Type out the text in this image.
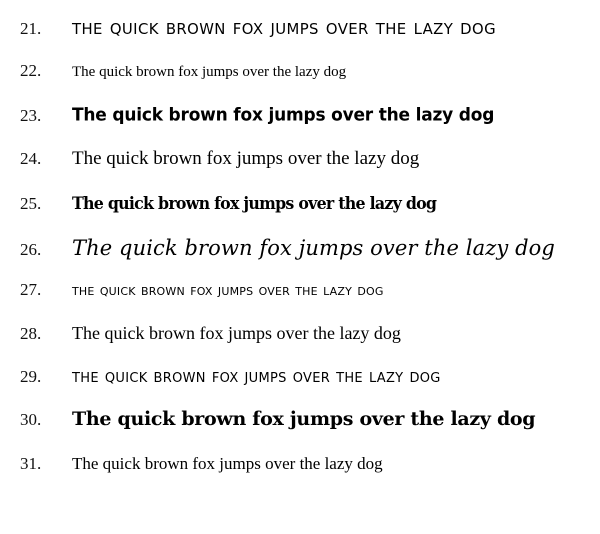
21.	the quick brown fox jumps over the lazy dog
22.	The quick brown fox jumps over the lazy dog
23.	The quick brown fox jumps over the lazy dog
24.	The quick brown fox jumps over the lazy dog
25.	The quick brown fox jumps over the lazy dog
26.	The quick brown fox jumps over the lazy dog
27.	the quick brown fox jumps over the lazy dog
28.	The quick brown fox jumps over the lazy dog
29.	the quick brown fox jumps over the lazy dog
30.	The quick brown fox jumps over the lazy dog
31.	The quick brown fox jumps over the lazy dog
